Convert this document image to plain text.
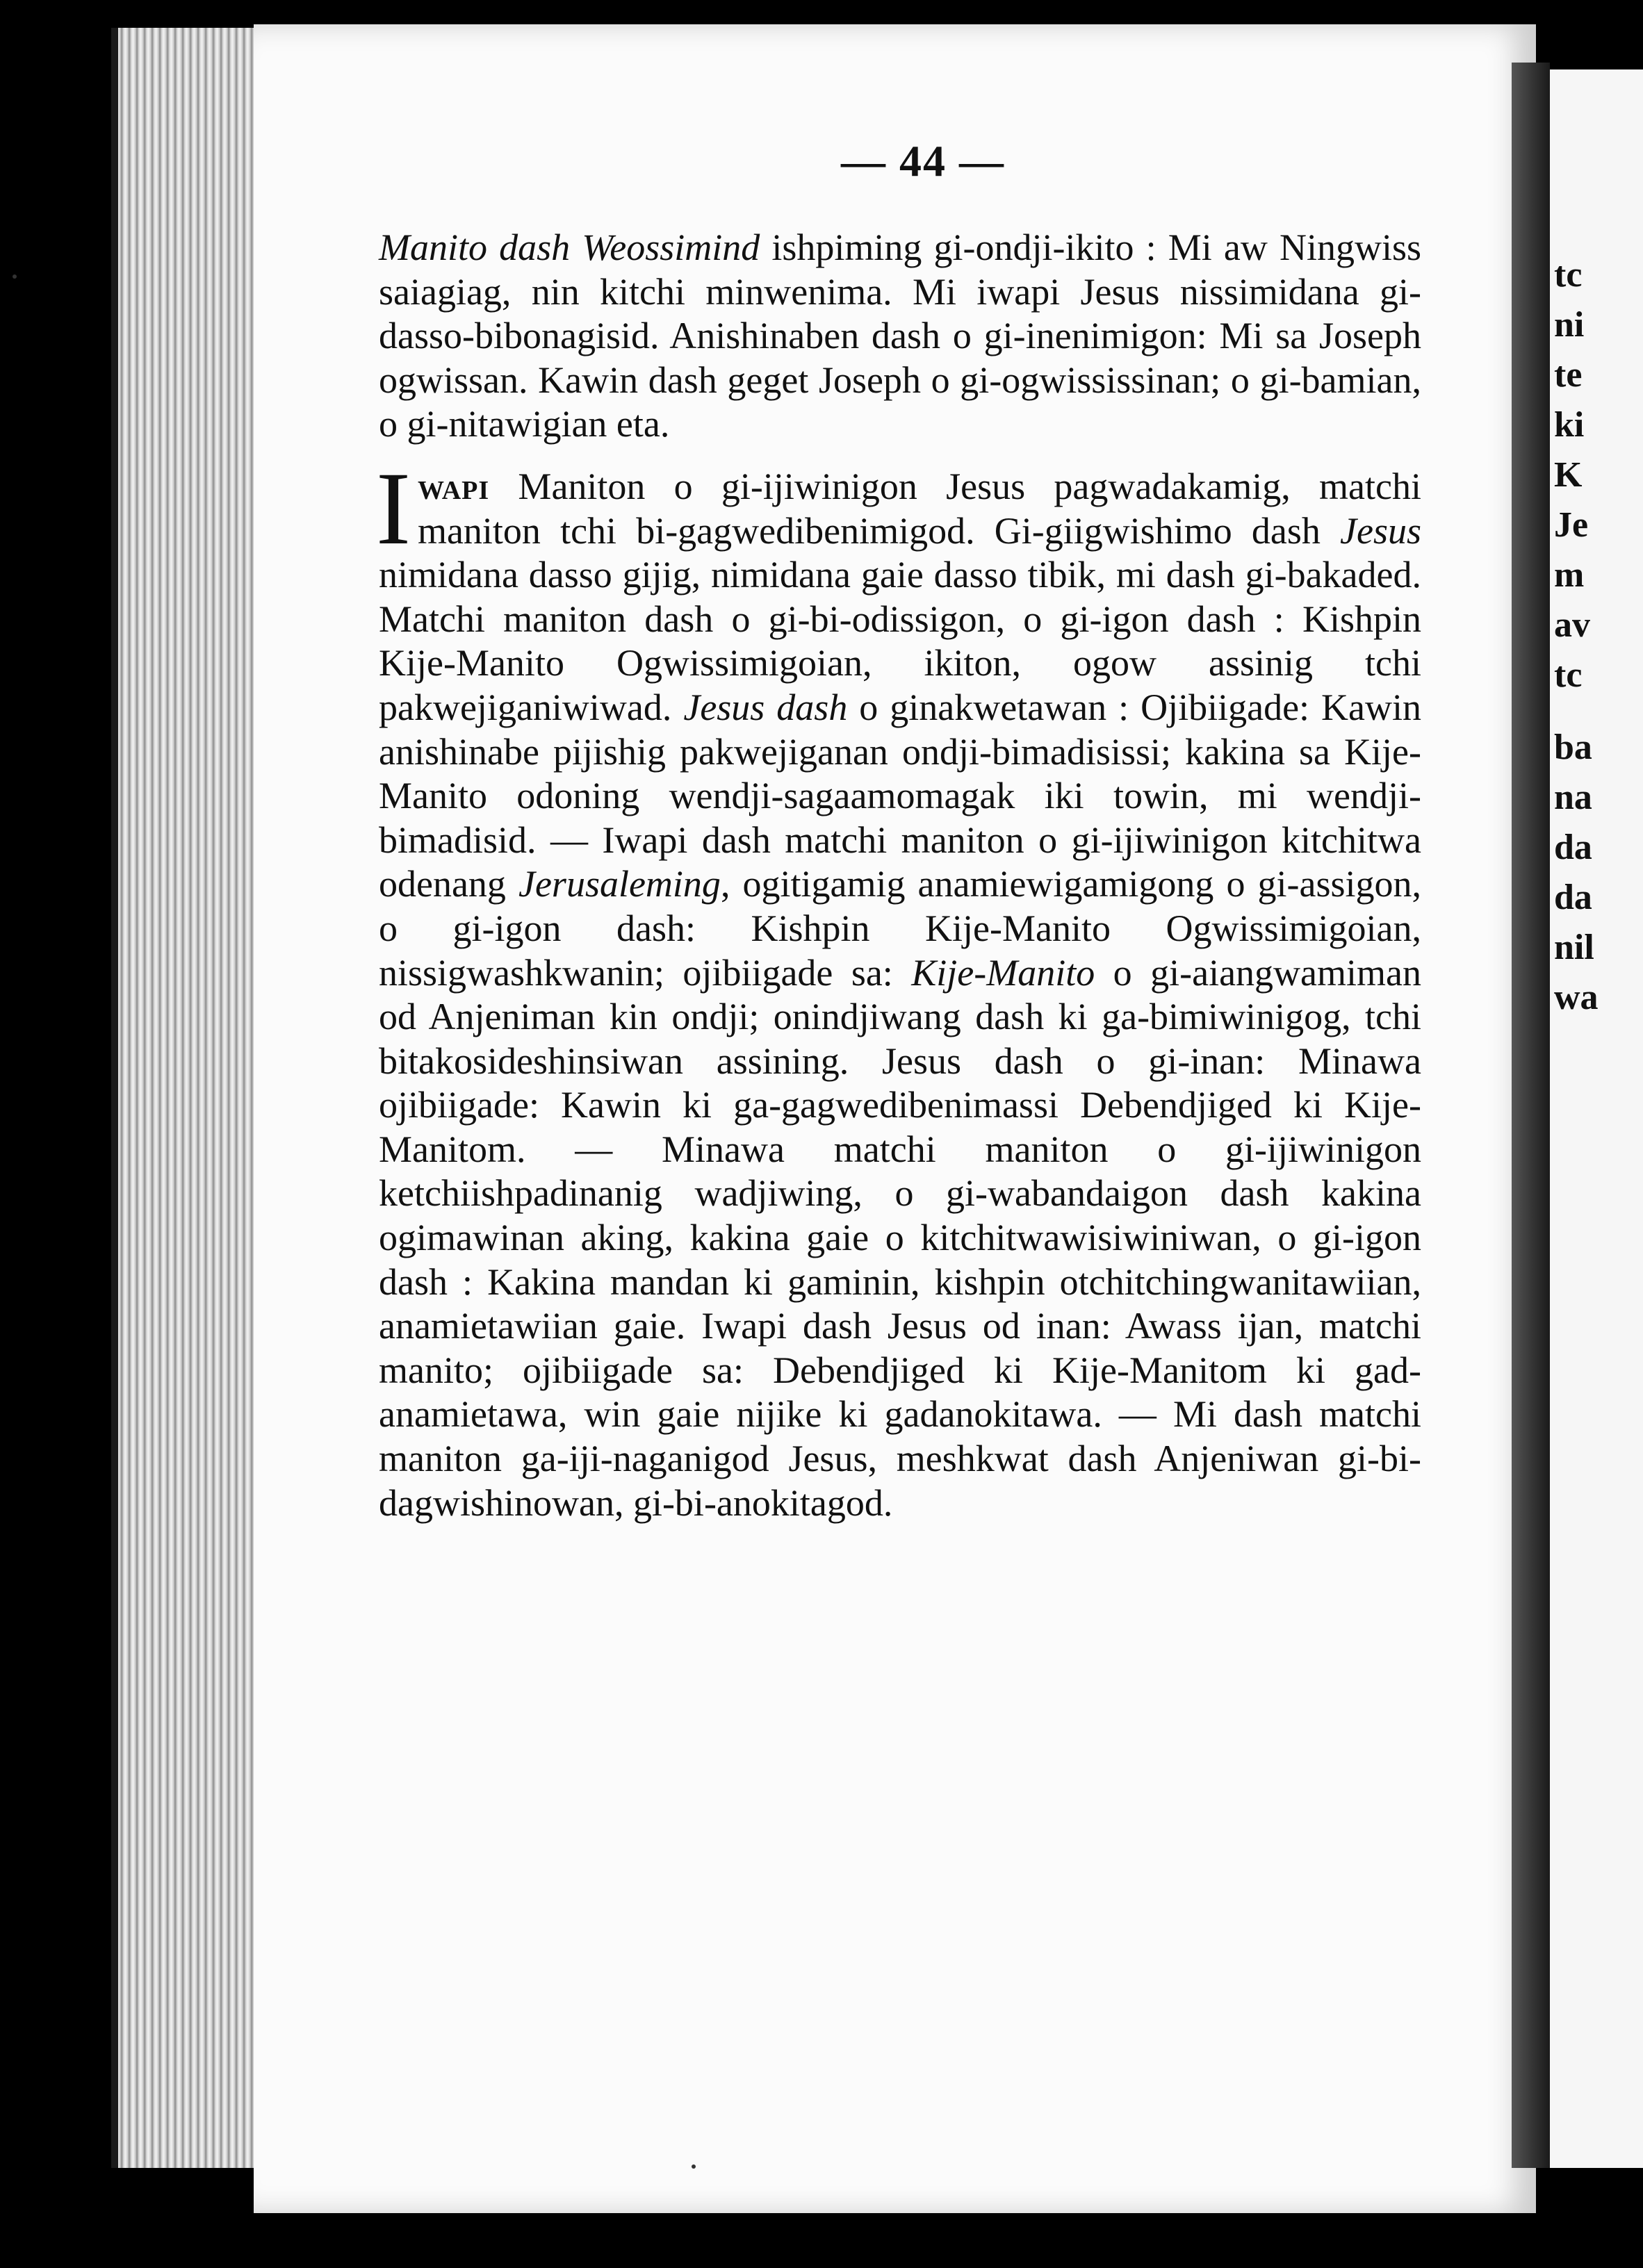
tc
ni
te
ki
K
Je
m
av
tc
ba
na
da
da
nil
wa
— 44 —

Manito dash Weossimind ishpiming gi-ondji-ikito : Mi aw Ningwiss saiagiag, nin kitchi minwenima. Mi iwapi Jesus nissimidana gi-dasso-bibonagisid. Anishinaben dash o gi-inenimigon: Mi sa Joseph ogwissan. Kawin dash geget Joseph o gi-ogwississinan; o gi-bamian, o gi-nitawigian eta.

Iwapi Maniton o gi-ijiwinigon Jesus pagwadakamig, matchi maniton tchi bi-gagwedibenimigod. Gi-giigwishimo dash Jesus nimidana dasso gijig, nimidana gaie dasso tibik, mi dash gi-bakaded. Matchi maniton dash o gi-bi-odissigon, o gi-igon dash : Kishpin Kije-Manito Ogwissimigoian, ikiton, ogow assinig tchi pakwejiganiwiwad. Jesus dash o ginakwetawan : Ojibiigade: Kawin anishinabe pijishig pakwejiganan ondji-bimadisissi; kakina sa Kije-Manito odoning wendji-sagaamomagak iki towin, mi wendji-bimadisid. — Iwapi dash matchi maniton o gi-ijiwinigon kitchitwa odenang Jerusaleming, ogitigamig anamiewigamigong o gi-assigon, o gi-igon dash: Kishpin Kije-Manito Ogwissimigoian, nissigwashkwanin; ojibiigade sa: Kije-Manito o gi-aiangwamiman od Anjeniman kin ondji; onindjiwang dash ki ga-bimiwinigog, tchi bitakosideshinsiwan assining. Jesus dash o gi-inan: Minawa ojibiigade: Kawin ki ga-gagwedibenimassi Debendjiged ki Kije-Manitom. — Minawa matchi maniton o gi-ijiwinigon ketchiishpadinanig wadjiwing, o gi-wabandaigon dash kakina ogimawinan aking, kakina gaie o kitchitwawisiwiniwan, o gi-igon dash : Kakina mandan ki gaminin, kishpin otchitchingwanitawiian, anamietawiian gaie. Iwapi dash Jesus od inan: Awass ijan, matchi manito; ojibiigade sa: Debendjiged ki Kije-Manitom ki gad-anamietawa, win gaie nijike ki gadanokitawa. — Mi dash matchi maniton ga-iji-naganigod Jesus, meshkwat dash Anjeniwan gi-bi-dagwishinowan, gi-bi-anokitagod.
